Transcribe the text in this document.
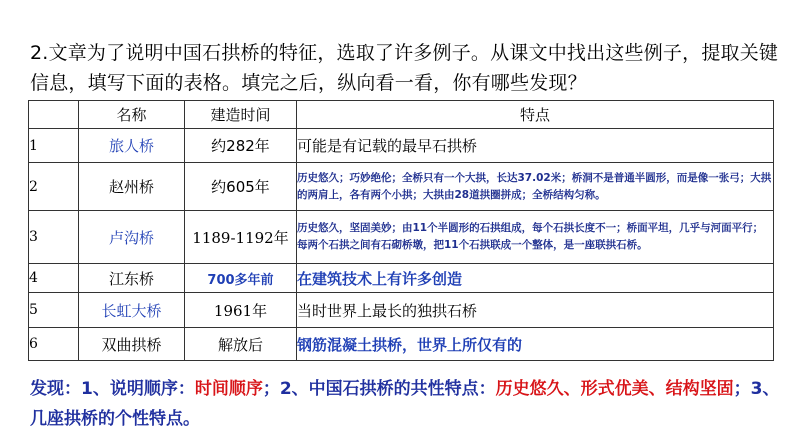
2.文章为了说明中国石拱桥的特征，选取了许多例子。从课文中找出这些例子，提取关键信息，填写下面的表格。填完之后，纵向看一看，你有哪些发现？
	名称	建造时间	特点
1	旅人桥	约282年	可能是有记载的最早石拱桥
2	赵州桥	约605年	历史悠久；巧妙绝伦；全桥只有一个大拱，长达37.02米；桥洞不是普通半圆形，而是像一张弓；大拱的两肩上，各有两个小拱；大拱由28道拱圈拼成；全桥结构匀称。
3	卢沟桥	1189-1192年	历史悠久，坚固美妙；由11个半圆形的石拱组成，每个石拱长度不一；桥面平坦，几乎与河面平行；每两个石拱之间有石砌桥墩，把11个石拱联成一个整体，是一座联拱石桥。
4	江东桥	700多年前	在建筑技术上有许多创造
5	长虹大桥	1961年	当时世界上最长的独拱石桥
6	双曲拱桥	解放后	钢筋混凝土拱桥，世界上所仅有的
发现：1、说明顺序：时间顺序；2、中国石拱桥的共性特点：历史悠久、形式优美、结构坚固；3、几座拱桥的个性特点。
